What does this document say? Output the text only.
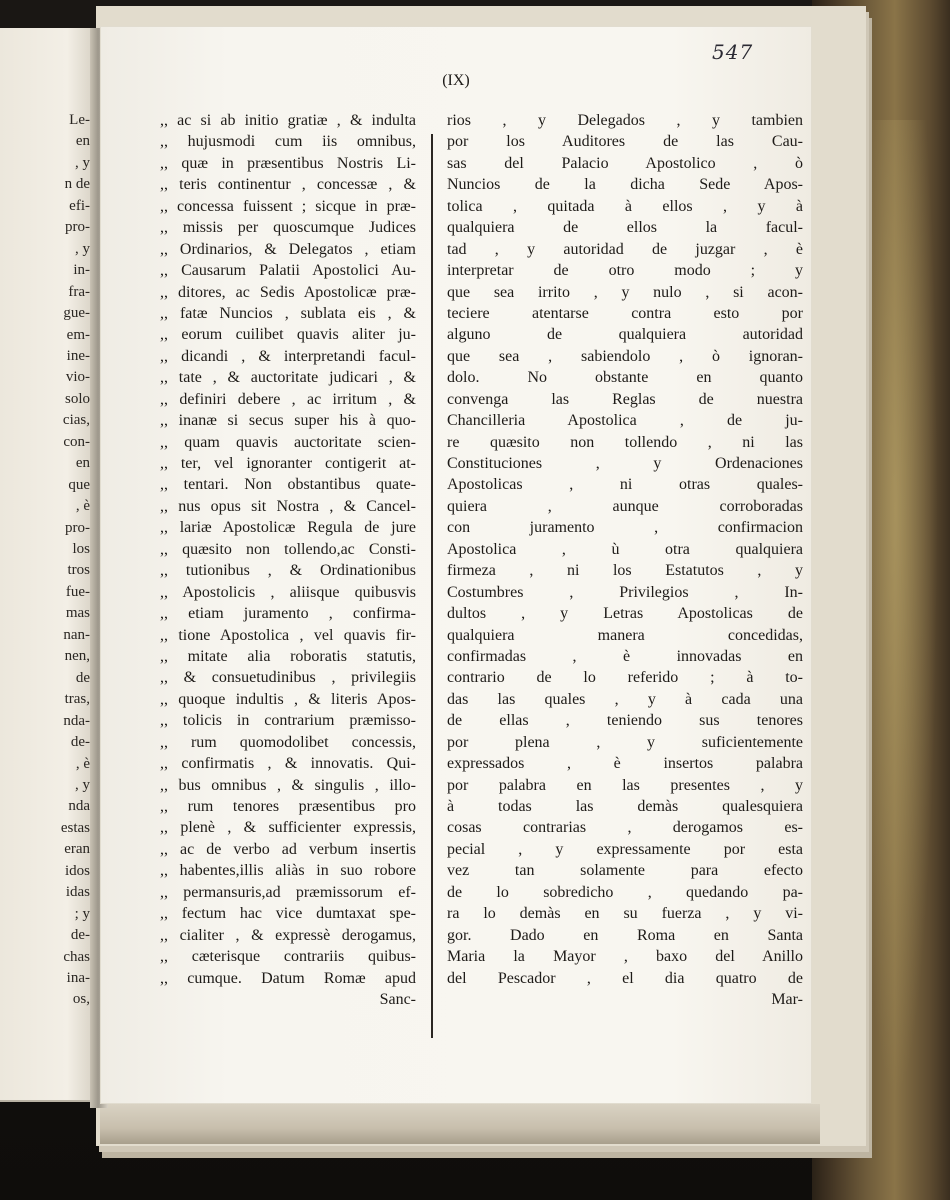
Le-
en
, y
n de
efi-
pro-
, y
in-
fra-
gue-
em-
ine-
vio-
solo
cias,
con-
en
que
, è
pro-
los
tros
fue-
mas
nan-
nen,
de
tras,
nda-
de-
, è
, y
nda
estas
eran
idos
idas
; y
de-
chas
ina-
os,
547
(IX)
,, ac si ab initio gratiæ , & indulta
,, hujusmodi cum iis omnibus,
,, quæ in præsentibus Nostris Li-
,, teris continentur , concessæ , &
,, concessa fuissent ; sicque in præ-
,, missis per quoscumque Judices
,, Ordinarios, & Delegatos , etiam
,, Causarum Palatii Apostolici Au-
,, ditores, ac Sedis Apostolicæ præ-
,, fatæ Nuncios , sublata eis , &
,, eorum cuilibet quavis aliter ju-
,, dicandi , & interpretandi facul-
,, tate , & auctoritate judicari , &
,, definiri debere , ac irritum , &
,, inanæ si secus super his à quo-
,, quam quavis auctoritate scien-
,, ter, vel ignoranter contigerit at-
,, tentari. Non obstantibus quate-
,, nus opus sit Nostra , & Cancel-
,, lariæ Apostolicæ Regula de jure
,, quæsito non tollendo,ac Consti-
,, tutionibus , & Ordinationibus
,, Apostolicis , aliisque quibusvis
,, etiam juramento , confirma-
,, tione Apostolica , vel quavis fir-
,, mitate alia roboratis statutis,
,, & consuetudinibus , privilegiis
,, quoque indultis , & literis Apos-
,, tolicis in contrarium præmisso-
,, rum quomodolibet concessis,
,, confirmatis , & innovatis. Qui-
,, bus omnibus , & singulis , illo-
,, rum tenores præsentibus pro
,, plenè , & sufficienter expressis,
,, ac de verbo ad verbum insertis
,, habentes,illis aliàs in suo robore
,, permansuris,ad præmissorum ef-
,, fectum hac vice dumtaxat spe-
,, cialiter , & expressè derogamus,
,, cæterisque contrariis quibus-
,, cumque. Datum Romæ apud
Sanc-
rios , y Delegados , y tambien
por los Auditores de las Cau-
sas del Palacio Apostolico , ò
Nuncios de la dicha Sede Apos-
tolica , quitada à ellos , y à
qualquiera de ellos la facul-
tad , y autoridad de juzgar , è
interpretar de otro modo ; y
que sea irrito , y nulo , si acon-
teciere atentarse contra esto por
alguno de qualquiera autoridad
que sea , sabiendolo , ò ignoran-
dolo. No obstante en quanto
convenga las Reglas de nuestra
Chancilleria Apostolica , de ju-
re quæsito non tollendo , ni las
Constituciones , y Ordenaciones
Apostolicas , ni otras quales-
quiera , aunque corroboradas
con juramento , confirmacion
Apostolica , ù otra qualquiera
firmeza , ni los Estatutos , y
Costumbres , Privilegios , In-
dultos , y Letras Apostolicas de
qualquiera manera concedidas,
confirmadas , è innovadas en
contrario de lo referido ; à to-
das las quales , y à cada una
de ellas , teniendo sus tenores
por plena , y suficientemente
expressados , è insertos palabra
por palabra en las presentes , y
à todas las demàs qualesquiera
cosas contrarias , derogamos es-
pecial , y expressamente por esta
vez tan solamente para efecto
de lo sobredicho , quedando pa-
ra lo demàs en su fuerza , y vi-
gor. Dado en Roma en Santa
Maria la Mayor , baxo del Anillo
del Pescador , el dia quatro de
Mar-
